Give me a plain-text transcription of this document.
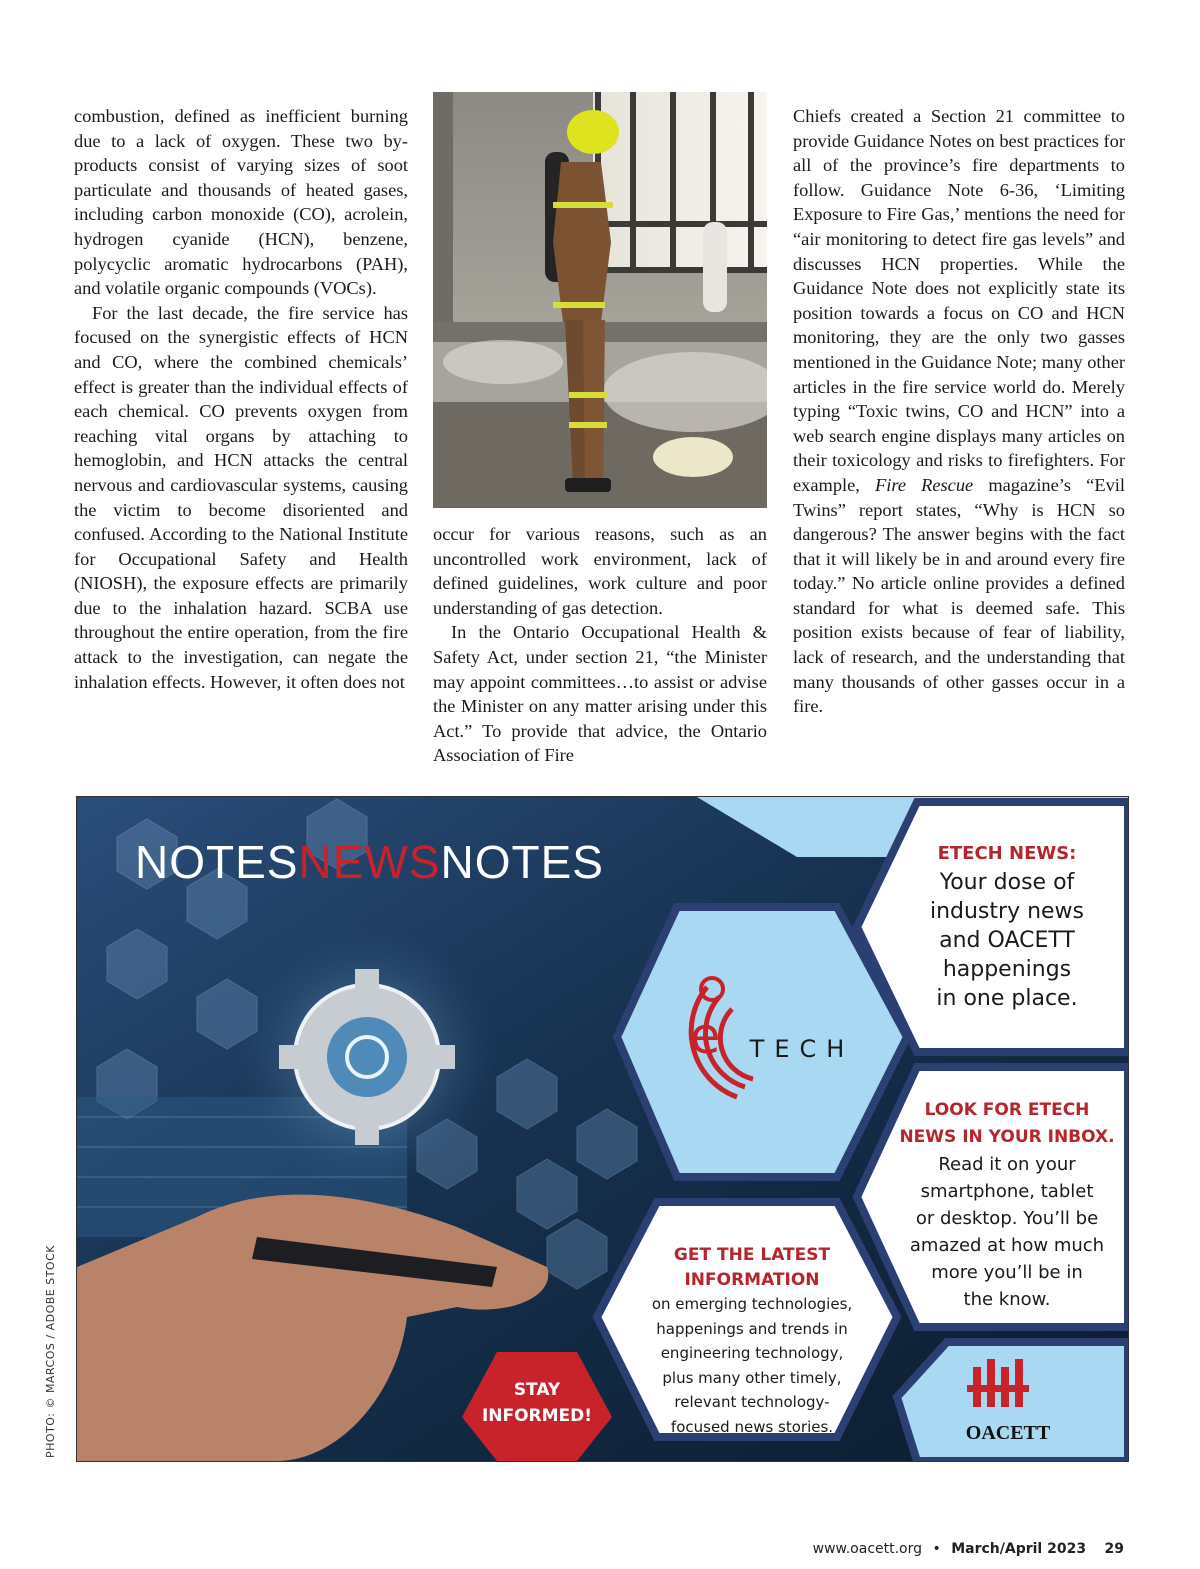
combustion, defined as inefficient burning due to a lack of oxygen. These two by-products consist of varying sizes of soot particulate and thousands of heated gases, including carbon monoxide (CO), acrolein, hydrogen cyanide (HCN), benzene, polycyclic aromatic hydrocarbons (PAH), and volatile organic compounds (VOCs).

For the last decade, the fire service has focused on the synergistic effects of HCN and CO, where the combined chemicals’ effect is greater than the individual effects of each chemical. CO prevents oxygen from reaching vital organs by attaching to hemoglobin, and HCN attacks the central nervous and cardiovascular systems, causing the victim to become disoriented and confused. According to the National Institute for Occupational Safety and Health (NIOSH), the exposure effects are primarily due to the inhalation hazard. SCBA use throughout the entire operation, from the fire attack to the investigation, can negate the inhalation effects. However, it often does not

occur for various reasons, such as an uncontrolled work environment, lack of defined guidelines, work culture and poor understanding of gas detection.

In the Ontario Occupational Health & Safety Act, under section 21, “the Minister may appoint committees…to assist or advise the Minister on any matter arising under this Act.” To provide that advice, the Ontario Association of Fire

Chiefs created a Section 21 committee to provide Guidance Notes on best practices for all of the province’s fire departments to follow. Guidance Note 6-36, ‘Limiting Exposure to Fire Gas,’ mentions the need for “air monitoring to detect fire gas levels” and discusses HCN properties. While the Guidance Note does not explicitly state its position towards a focus on CO and HCN monitoring, they are the only two gasses mentioned in the Guidance Note; many other articles in the fire service world do. Merely typing “Toxic twins, CO and HCN” into a web search engine displays many articles on their toxicology and risks to firefighters. For example, Fire Rescue magazine’s “Evil Twins” report states, “Why is HCN so dangerous? The answer begins with the fact that it will likely be in and around every fire today.” No article online provides a defined standard for what is deemed safe. This position exists because of fear of liability, lack of research, and the understanding that many thousands of other gasses occur in a fire.

NOTESNEWSNOTES
e	TECH
ETECH NEWS:
Your dose of
industry news
and OACETT
happenings
in one place.
LOOK FOR ETECH
NEWS IN YOUR INBOX.
Read it on your
smartphone, tablet
or desktop. You’ll be
amazed at how much
more you’ll be in
the know.
GET THE LATEST
INFORMATION
on emerging technologies,
happenings and trends in
engineering technology,
plus many other timely,
relevant technology-
focused news stories.
STAY
INFORMED!
OACETT
PHOTO: © MARCOS / ADOBE STOCK
www.oacett.org • March/April 2023 29
